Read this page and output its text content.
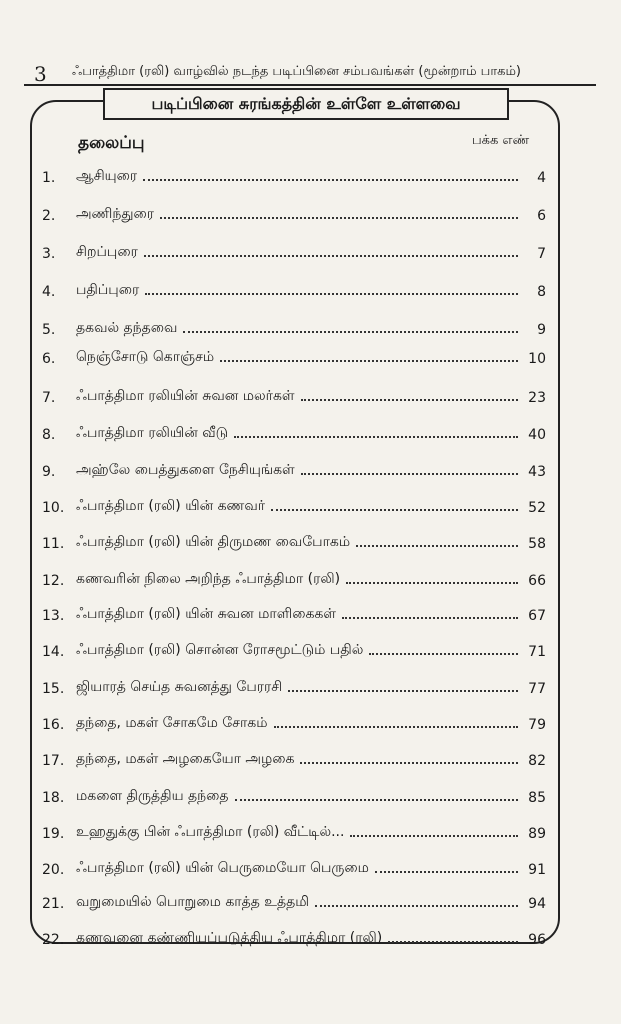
3 ஃபாத்திமா (ரலி) வாழ்வில் நடந்த படிப்பினை சம்பவங்கள் (மூன்றாம் பாகம்)
படிப்பினை சுரங்கத்தின் உள்ளே உள்ளவை
தலைப்பு	பக்க எண்
1.	ஆசியுரை	4
2.	அணிந்துரை	6
3.	சிறப்புரை	7
4.	பதிப்புரை	8
5.	தகவல் தந்தவை	9
6.	நெஞ்சோடு கொஞ்சம்	10
7.	ஃபாத்திமா ரலியின் சுவன மலர்கள்	23
8.	ஃபாத்திமா ரலியின் வீடு	40
9.	அஹ்லே பைத்துகளை நேசியுங்கள்	43
10. ஃபாத்திமா (ரலி) யின் கணவர்	52
11. ஃபாத்திமா (ரலி) யின் திருமண வைபோகம்	58
12. கணவரின் நிலை அறிந்த ஃபாத்திமா (ரலி)	66
13. ஃபாத்திமா (ரலி) யின் சுவன மாளிகைகள்	67
14. ஃபாத்திமா (ரலி) சொன்ன ரோசமூட்டும் பதில்	71
15. ஜியாரத் செய்த சுவனத்து பேரரசி	77
16. தந்தை, மகள் சோகமே சோகம்	79
17. தந்தை, மகள் அழகையோ அழகை	82
18. மகளை திருத்திய தந்தை	85
19. உஹதுக்கு பின் ஃபாத்திமா (ரலி) வீட்டில்...	89
20. ஃபாத்திமா (ரலி) யின் பெருமையோ பெருமை	91
21. வறுமையில் பொறுமை காத்த உத்தமி	94
22. கணவனை கண்ணியப்படுத்திய ஃபாத்திமா (ரலி)	96
